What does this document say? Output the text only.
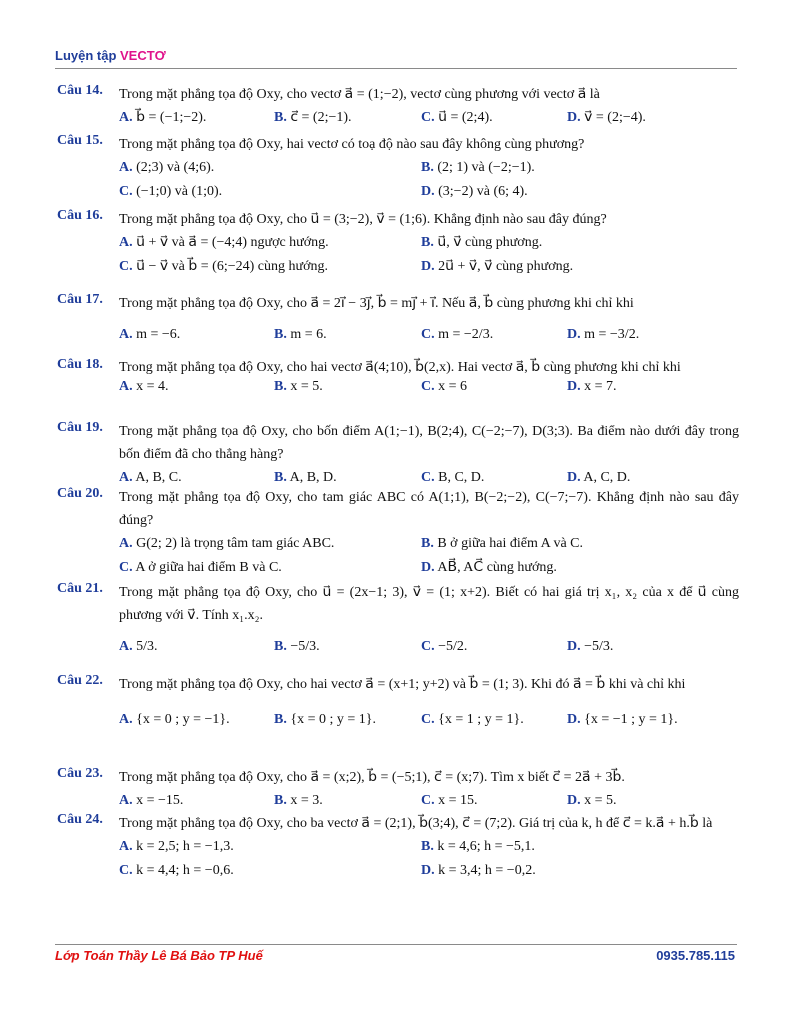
Luyện tập VECTƠ
Câu 14. Trong mặt phẳng tọa độ Oxy, cho vectơ a⃗ = (1;−2), vectơ cùng phương với vectơ a⃗ là
A. b⃗ = (−1;−2).	B. c⃗ = (2;−1).	C. u⃗ = (2;4).	D. v⃗ = (2;−4).
Câu 15. Trong mặt phẳng tọa độ Oxy, hai vectơ có toạ độ nào sau đây không cùng phương?
A. (2;3) và (4;6).	B. (2; 1) và (−2;−1).
C. (−1;0) và (1;0).	D. (3;−2) và (6; 4).
Câu 16. Trong mặt phẳng tọa độ Oxy, cho u⃗ = (3;−2), v⃗ = (1;6). Khẳng định nào sau đây đúng?
A. u⃗ + v⃗ và a⃗ = (−4;4) ngược hướng.	B. u⃗, v⃗ cùng phương.
C. u⃗ − v⃗ và b⃗ = (6;−24) cùng hướng.	D. 2u⃗ + v⃗, v⃗ cùng phương.
Câu 17. Trong mặt phẳng tọa độ Oxy, cho a⃗ = 2i⃗ − 3j⃗, b⃗ = mj⃗ + i⃗. Nếu a⃗, b⃗ cùng phương khi chỉ khi
A. m = −6.	B. m = 6.	C. m = −2/3.	D. m = −3/2.
Câu 18. Trong mặt phẳng tọa độ Oxy, cho hai vectơ a⃗(4;10), b⃗(2,x). Hai vectơ a⃗, b⃗ cùng phương khi chỉ khi
A. x = 4.	B. x = 5.	C. x = 6	D. x = 7.
Câu 19. Trong mặt phẳng tọa độ Oxy, cho bốn điểm A(1;−1), B(2;4), C(−2;−7), D(3;3). Ba điểm nào dưới đây trong bốn điểm đã cho thẳng hàng?
A. A, B, C.	B. A, B, D.	C. B, C, D.	D. A, C, D.
Câu 20. Trong mặt phẳng tọa độ Oxy, cho tam giác ABC có A(1;1), B(−2;−2), C(−7;−7). Khẳng định nào sau đây đúng?
A. G(2; 2) là trọng tâm tam giác ABC.	B. B ở giữa hai điểm A và C.
C. A ở giữa hai điểm B và C.	D. AB⃗, AC⃗ cùng hướng.
Câu 21. Trong mặt phẳng tọa độ Oxy, cho u⃗ = (2x−1; 3), v⃗ = (1; x+2). Biết có hai giá trị x₁, x₂ của x để u⃗ cùng phương với v⃗. Tính x₁.x₂.
A. 5/3.	B. −5/3.	C. −5/2.	D. −5/3.
Câu 22. Trong mặt phẳng tọa độ Oxy, cho hai vectơ a⃗ = (x+1; y+2) và b⃗ = (1; 3). Khi đó a⃗ = b⃗ khi và chỉ khi
A. {x = 0 ; y = −1}.	B. {x = 0 ; y = 1}.	C. {x = 1 ; y = 1}.	D. {x = −1 ; y = 1}.
Câu 23. Trong mặt phẳng tọa độ Oxy, cho a⃗ = (x;2), b⃗ = (−5;1), c⃗ = (x;7). Tìm x biết c⃗ = 2a⃗ + 3b⃗.
A. x = −15.	B. x = 3.	C. x = 15.	D. x = 5.
Câu 24. Trong mặt phẳng tọa độ Oxy, cho ba vectơ a⃗ = (2;1), b⃗(3;4), c⃗ = (7;2). Giá trị của k, h để c⃗ = k.a⃗ + h.b⃗ là
A. k = 2,5; h = −1,3.	B. k = 4,6; h = −5,1.
C. k = 4,4; h = −0,6.	D. k = 3,4; h = −0,2.
Lớp Toán Thầy Lê Bá Bảo TP Huế	0935.785.115
